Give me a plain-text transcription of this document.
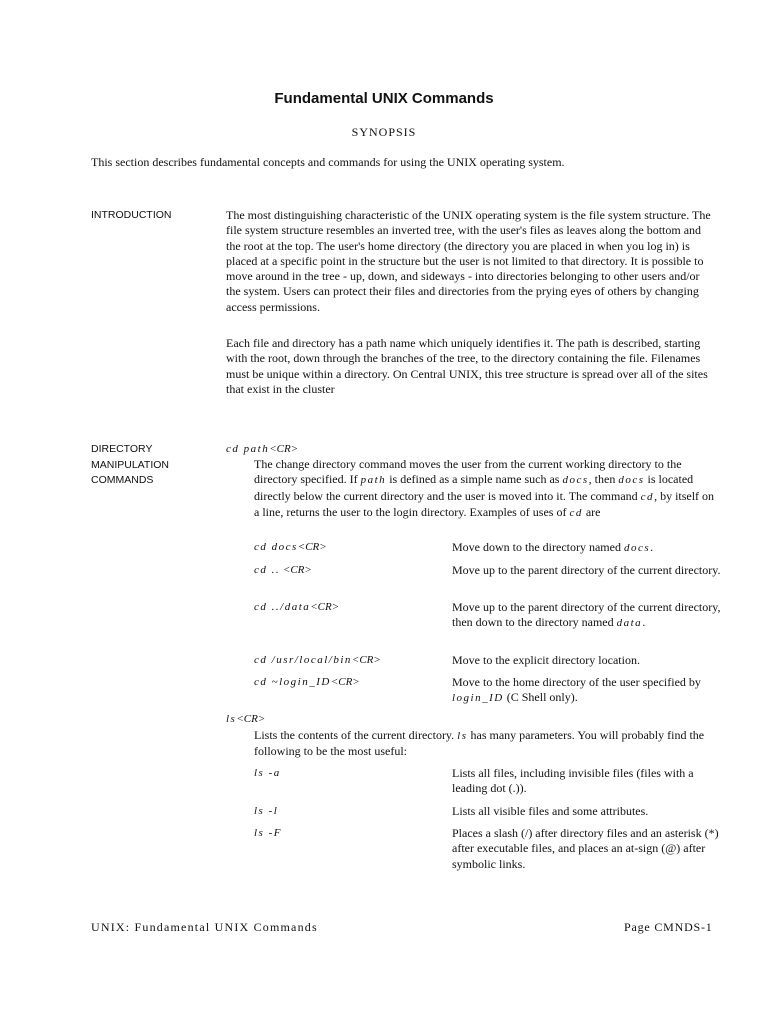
Fundamental UNIX Commands
SYNOPSIS
This section describes fundamental concepts and commands for using the UNIX operating system.
INTRODUCTION	The most distinguishing characteristic of the UNIX operating system is the file system structure. The file system structure resembles an inverted tree, with the user's files as leaves along the bottom and the root at the top. The user's home directory (the directory you are placed in when you log in) is placed at a specific point in the structure but the user is not limited to that directory. It is possible to move around in the tree - up, down, and sideways - into directories belonging to other users and/or the system. Users can protect their files and directories from the prying eyes of others by changing access permissions.

Each file and directory has a path name which uniquely identifies it. The path is described, starting with the root, down through the branches of the tree, to the directory containing the file. Filenames must be unique within a directory. On Central UNIX, this tree structure is spread over all of the sites that exist in the cluster

DIRECTORY
MANIPULATION
COMMANDS
cd path<CR>

The change directory command moves the user from the current working directory to the directory specified. If path is defined as a simple name such as docs, then docs is located directly below the current directory and the user is moved into it. The command cd, by itself on a line, returns the user to the login directory. Examples of uses of cd are

cd docs<CR>	Move down to the directory named docs.
cd .. <CR>	Move up to the parent directory of the current directory.
cd ../data<CR>	Move up to the parent directory of the current directory, then down to the directory named data.
cd /usr/local/bin<CR>	Move to the explicit directory location.
cd ~login_ID<CR>	Move to the home directory of the user specified by login_ID (C Shell only).
ls<CR>

Lists the contents of the current directory. ls has many parameters. You will probably find the following to be the most useful:

ls -a	Lists all files, including invisible files (files with a leading dot (.)).
ls -l	Lists all visible files and some attributes.
ls -F	Places a slash (/) after directory files and an asterisk (*) after executable files, and places an at-sign (@) after symbolic links.
UNIX: Fundamental UNIX Commands	Page CMNDS-1
